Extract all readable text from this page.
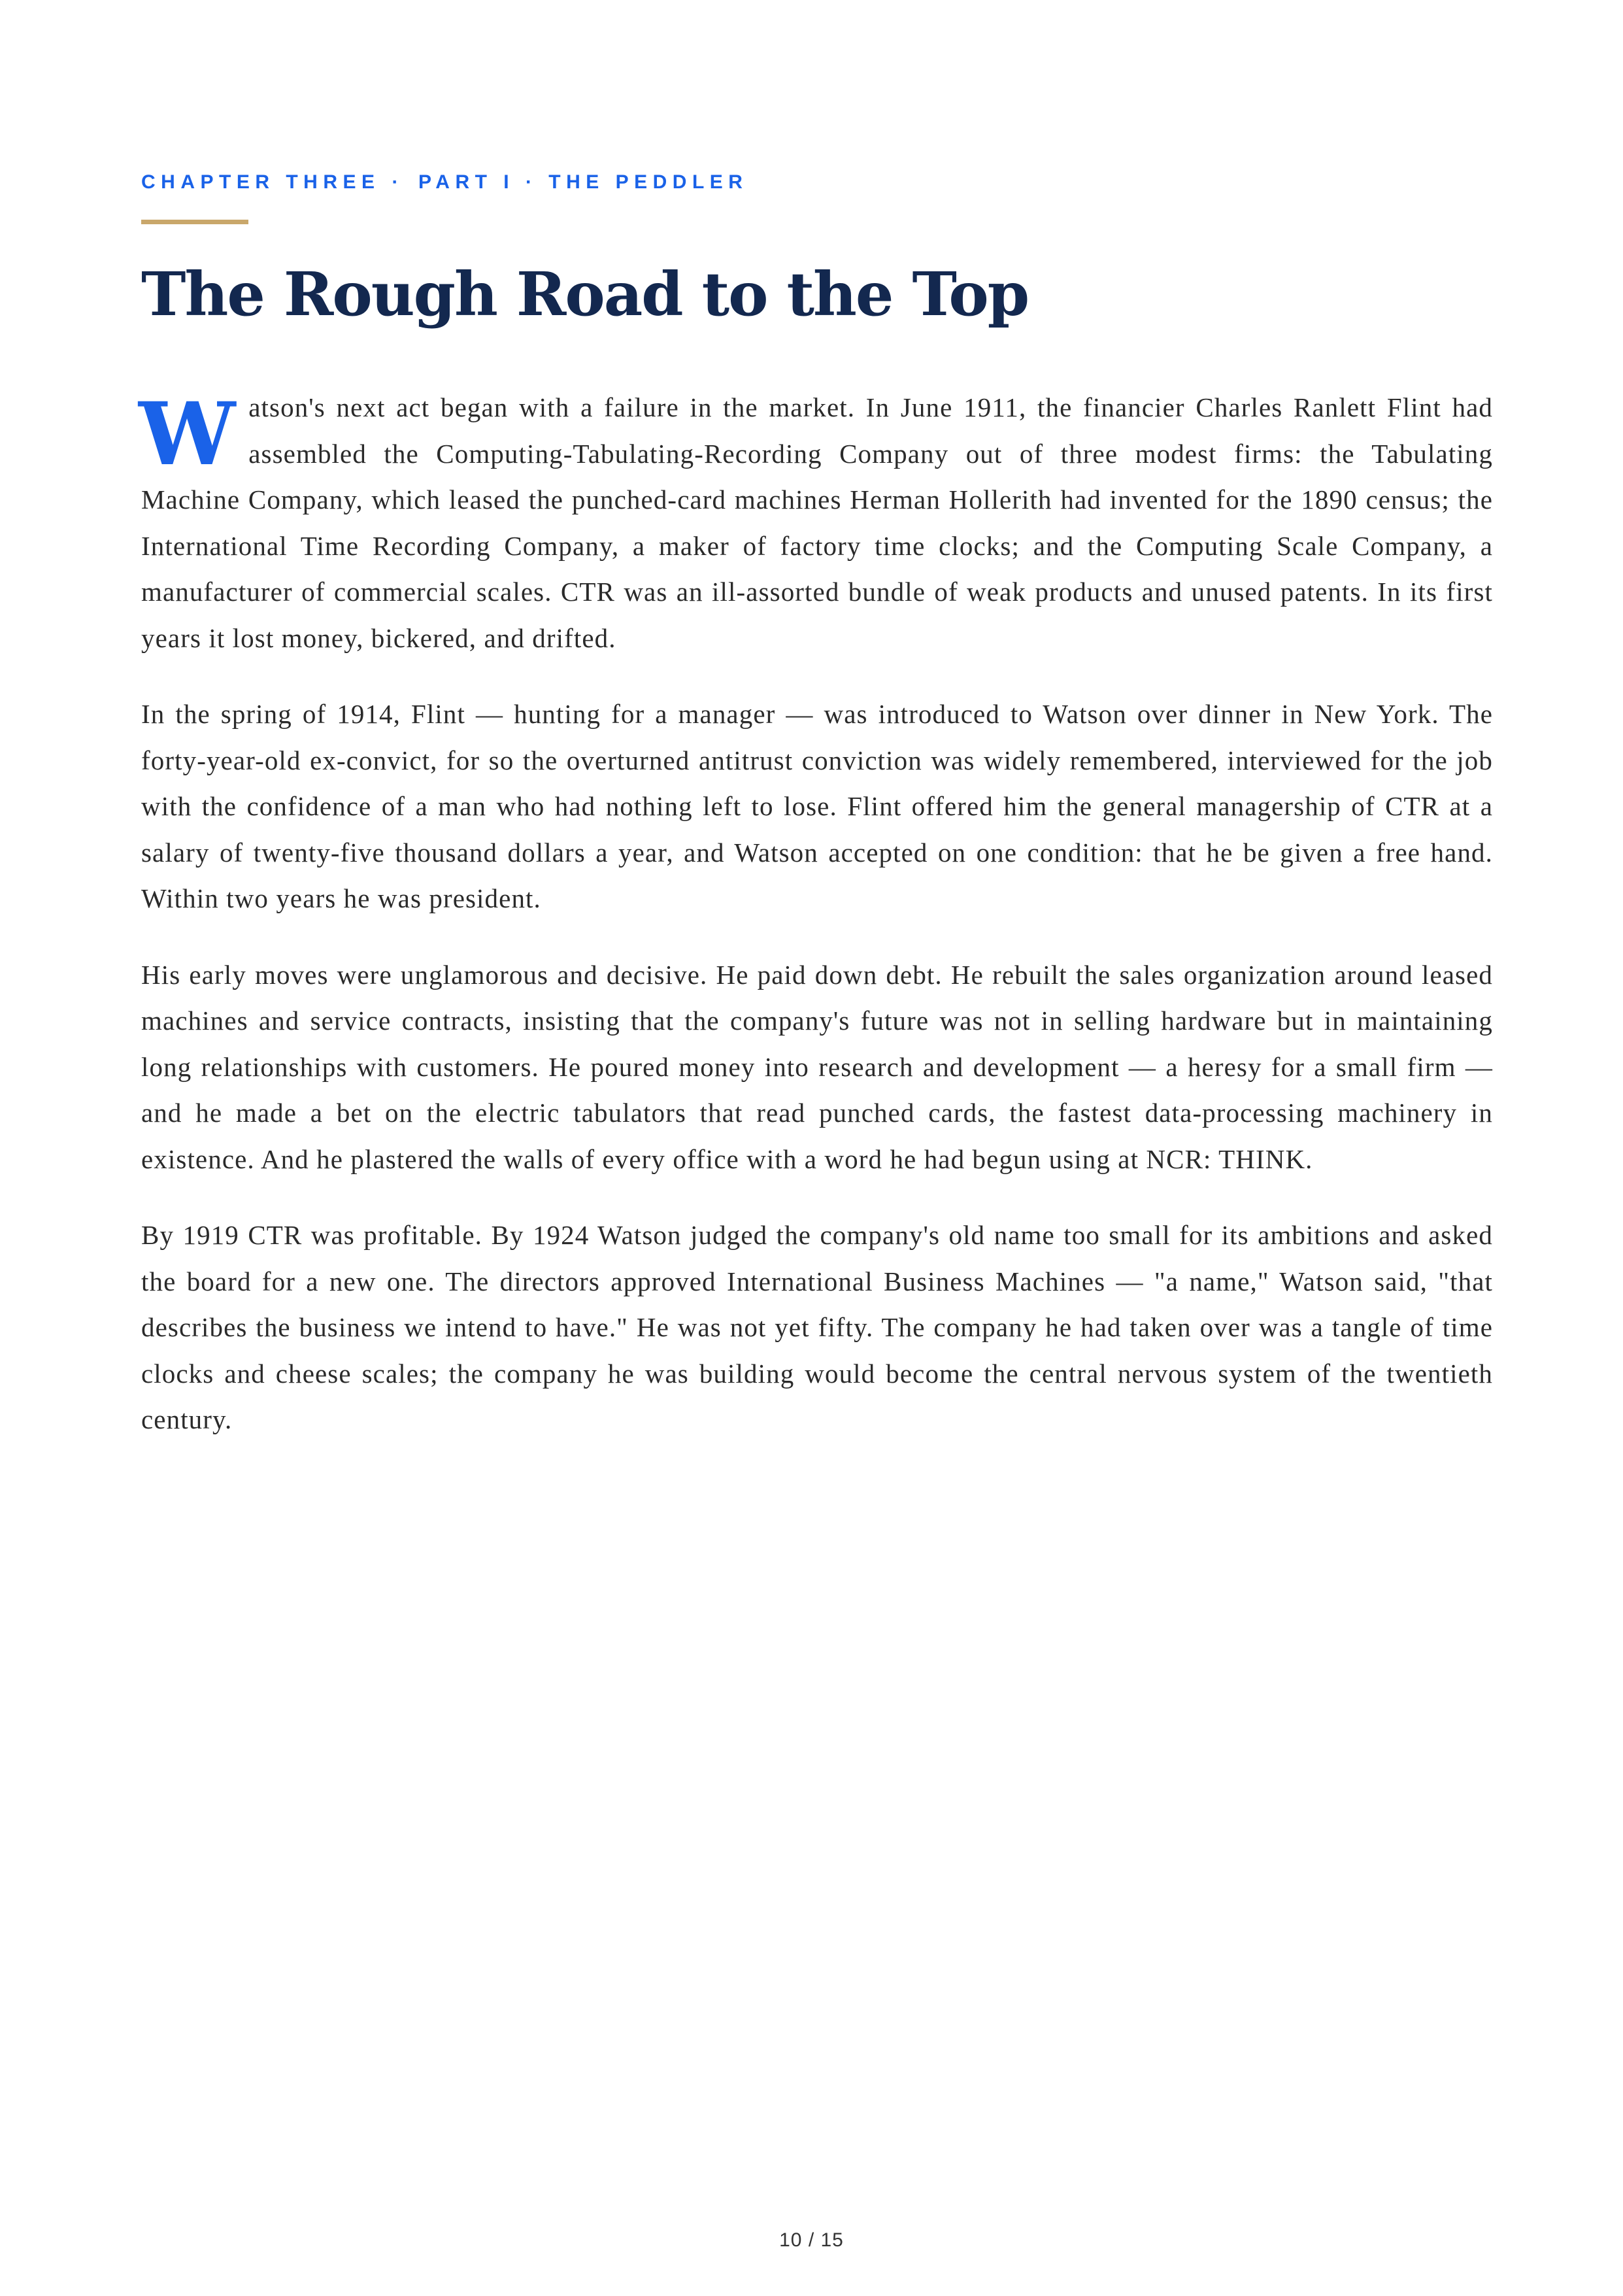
CHAPTER THREE · PART I · THE PEDDLER
The Rough Road to the Top

Watson's next act began with a failure in the market. In June 1911, the financier Charles Ranlett Flint had assembled the Computing-Tabulating-Recording Company out of three modest firms: the Tabulating Machine Company, which leased the punched-card machines Herman Hollerith had invented for the 1890 census; the International Time Recording Company, a maker of factory time clocks; and the Computing Scale Company, a manufacturer of commercial scales. CTR was an ill-assorted bundle of weak products and unused patents. In its first years it lost money, bickered, and drifted.

In the spring of 1914, Flint — hunting for a manager — was introduced to Watson over dinner in New York. The forty-year-old ex-convict, for so the overturned antitrust conviction was widely remembered, interviewed for the job with the confidence of a man who had nothing left to lose. Flint offered him the general managership of CTR at a salary of twenty-five thousand dollars a year, and Watson accepted on one condition: that he be given a free hand. Within two years he was president.

His early moves were unglamorous and decisive. He paid down debt. He rebuilt the sales organization around leased machines and service contracts, insisting that the company's future was not in selling hardware but in maintaining long relationships with customers. He poured money into research and development — a heresy for a small firm — and he made a bet on the electric tabulators that read punched cards, the fastest data-processing machinery in existence. And he plastered the walls of every office with a word he had begun using at NCR: THINK.

By 1919 CTR was profitable. By 1924 Watson judged the company's old name too small for its ambitions and asked the board for a new one. The directors approved International Business Machines — "a name," Watson said, "that describes the business we intend to have." He was not yet fifty. The company he had taken over was a tangle of time clocks and cheese scales; the company he was building would become the central nervous system of the twentieth century.

10 / 15
